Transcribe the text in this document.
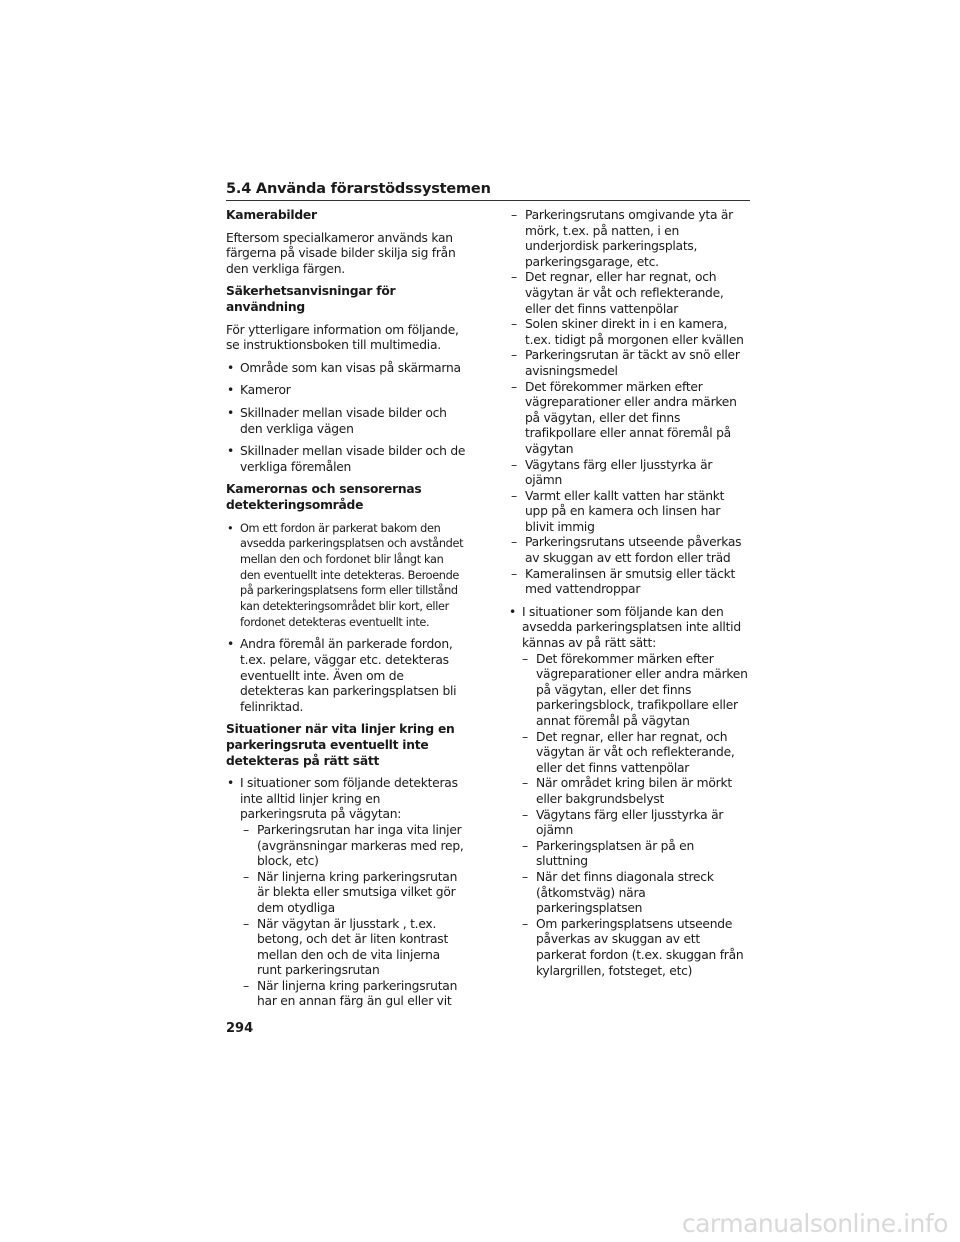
5.4 Använda förarstödssystemen

Kamerabilder

Eftersom specialkameror används kan färgerna på visade bilder skilja sig från den verkliga färgen.

Säkerhetsanvisningar för användning

För ytterligare information om följande, se instruktionsboken till multimedia.

• Område som kan visas på skärmarna
• Kameror
• Skillnader mellan visade bilder och den verkliga vägen
• Skillnader mellan visade bilder och de verkliga föremålen

Kamerornas och sensorernas detekteringsområde

• Om ett fordon är parkerat bakom den avsedda parkeringsplatsen och avståndet mellan den och fordonet blir långt kan den eventuellt inte detekteras. Beroende på parkeringsplatsens form eller tillstånd kan detekteringsområdet blir kort, eller fordonet detekteras eventuellt inte.
• Andra föremål än parkerade fordon, t.ex. pelare, väggar etc. detekteras eventuellt inte. Även om de detekteras kan parkeringsplatsen bli felinriktad.

Situationer när vita linjer kring en parkeringsruta eventuellt inte detekteras på rätt sätt

• I situationer som följande detekteras inte alltid linjer kring en parkeringsruta på vägytan:
– Parkeringsrutan har inga vita linjer (avgränsningar markeras med rep, block, etc)
– När linjerna kring parkeringsrutan är blekta eller smutsiga vilket gör dem otydliga
– När vägytan är ljusstark , t.ex. betong, och det är liten kontrast mellan den och de vita linjerna runt parkeringsrutan
– När linjerna kring parkeringsrutan har en annan färg än gul eller vit
– Parkeringsrutans omgivande yta är mörk, t.ex. på natten, i en underjordisk parkeringsplats, parkeringsgarage, etc.
– Det regnar, eller har regnat, och vägytan är våt och reflekterande, eller det finns vattenpölar
– Solen skiner direkt in i en kamera, t.ex. tidigt på morgonen eller kvällen
– Parkeringsrutan är täckt av snö eller avisningsmedel
– Det förekommer märken efter vägreparationer eller andra märken på vägytan, eller det finns trafikpollare eller annat föremål på vägytan
– Vägytans färg eller ljusstyrka är ojämn
– Varmt eller kallt vatten har stänkt upp på en kamera och linsen har blivit immig
– Parkeringsrutans utseende påverkas av skuggan av ett fordon eller träd
– Kameralinsen är smutsig eller täckt med vattendroppar
• I situationer som följande kan den avsedda parkeringsplatsen inte alltid kännas av på rätt sätt:
– Det förekommer märken efter vägreparationer eller andra märken på vägytan, eller det finns parkeringsblock, trafikpollare eller annat föremål på vägytan
– Det regnar, eller har regnat, och vägytan är våt och reflekterande, eller det finns vattenpölar
– När området kring bilen är mörkt eller bakgrundsbelyst
– Vägytans färg eller ljusstyrka är ojämn
– Parkeringsplatsen är på en sluttning
– När det finns diagonala streck (åtkomstväg) nära parkeringsplatsen
– Om parkeringsplatsens utseende påverkas av skuggan av ett parkerat fordon (t.ex. skuggan från kylargrillen, fotsteget, etc)
294
carmanualsonline.info
